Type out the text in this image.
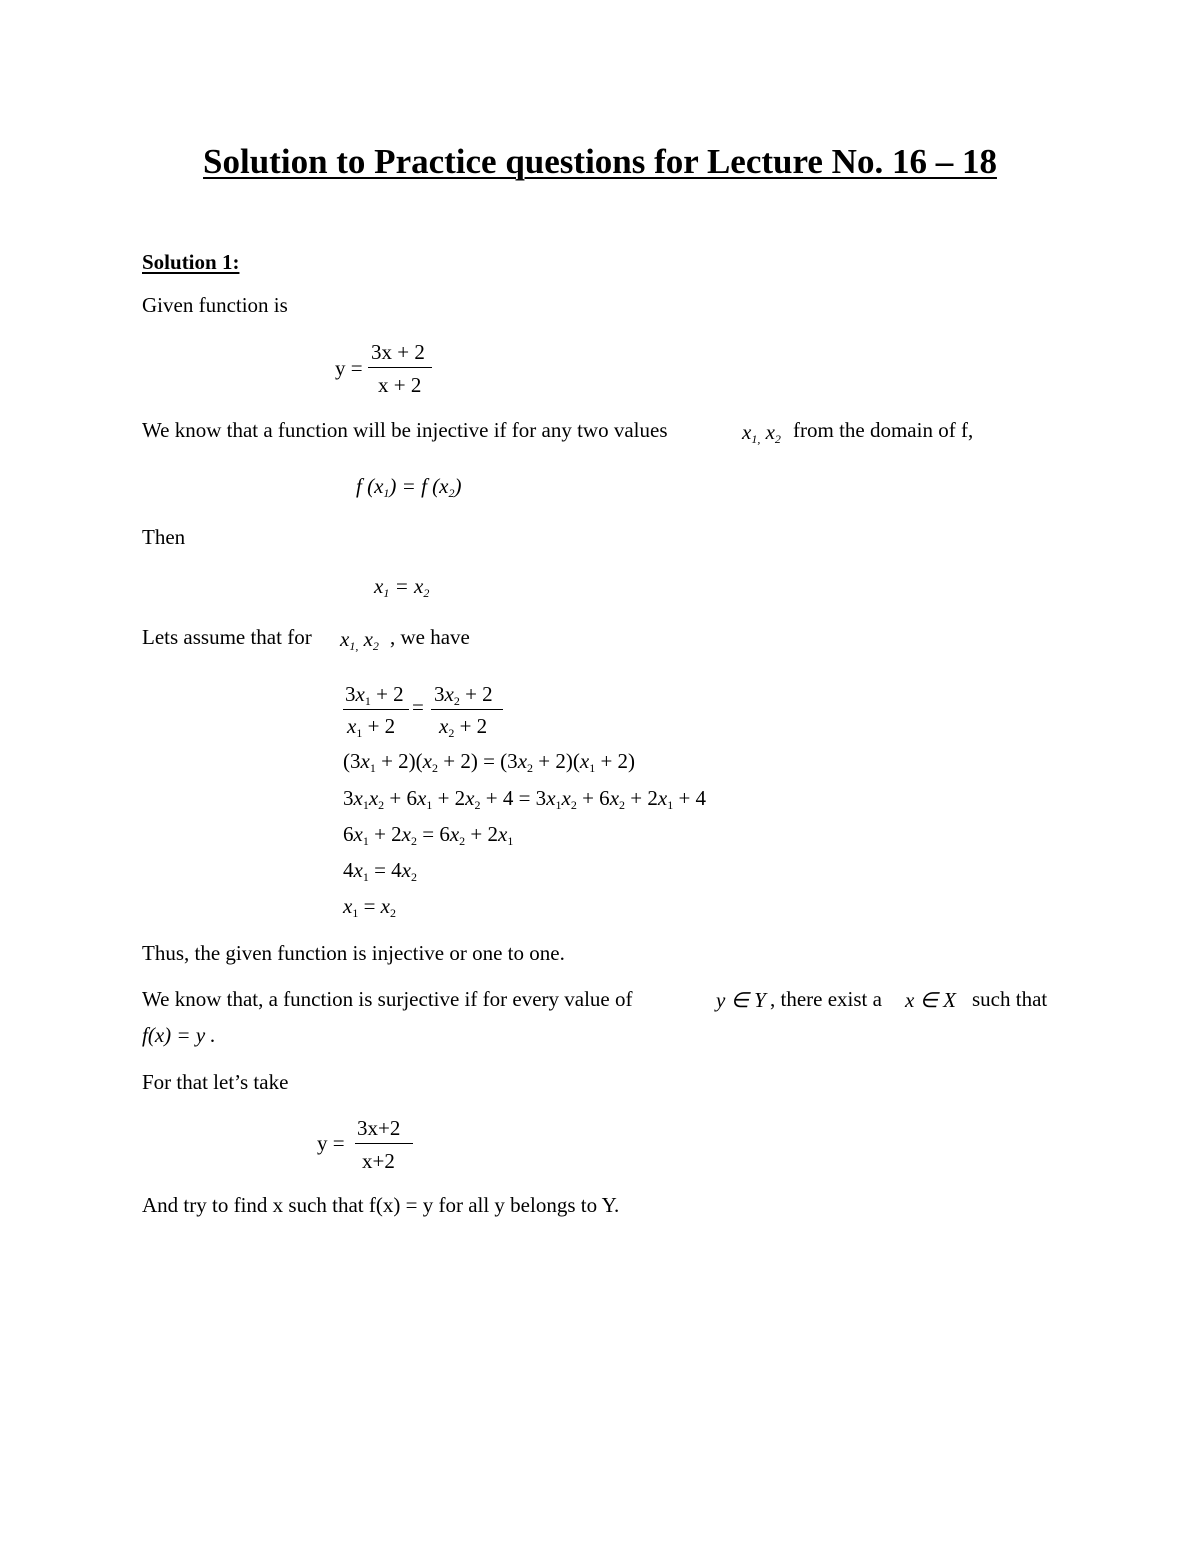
Solution to Practice questions for Lecture No. 16 – 18
Solution 1:
Given function is
y =
3x + 2
x + 2
We know that a function will be injective if for any two values	$x_{1,}$ $x_2$ from the domain of f,
f $(x_1) = f$ $(x_2)$
Then
$x_1 = x_2$
Lets assume that for $x_{1,}$ $x_2$ , we have
$3x_1 + 2$
$x_1 + 2$
=
$3x_2 + 2$
$x_2 + 2$
$(3x_1 + 2)(x_2 + 2) = (3x_2 + 2)(x_1 + 2)$
$3x_1x_2 + 6x_1 + 2x_2 + 4 = 3x_1x_2 + 6x_2 + 2x_1 + 4$
$6x_1 + 2x_2 = 6x_2 + 2x_1$
$4x_1 = 4x_2$
$x_1 = x_2$
Thus, the given function is injective or one to one.
We know that, a function is surjective if for every value of	y ∈ Y , there exist a x ∈ X such that
f(x) = y .
For that let’s take
y =
3x+2
x+2
And try to find x such that f(x) = y for all y belongs to Y.
